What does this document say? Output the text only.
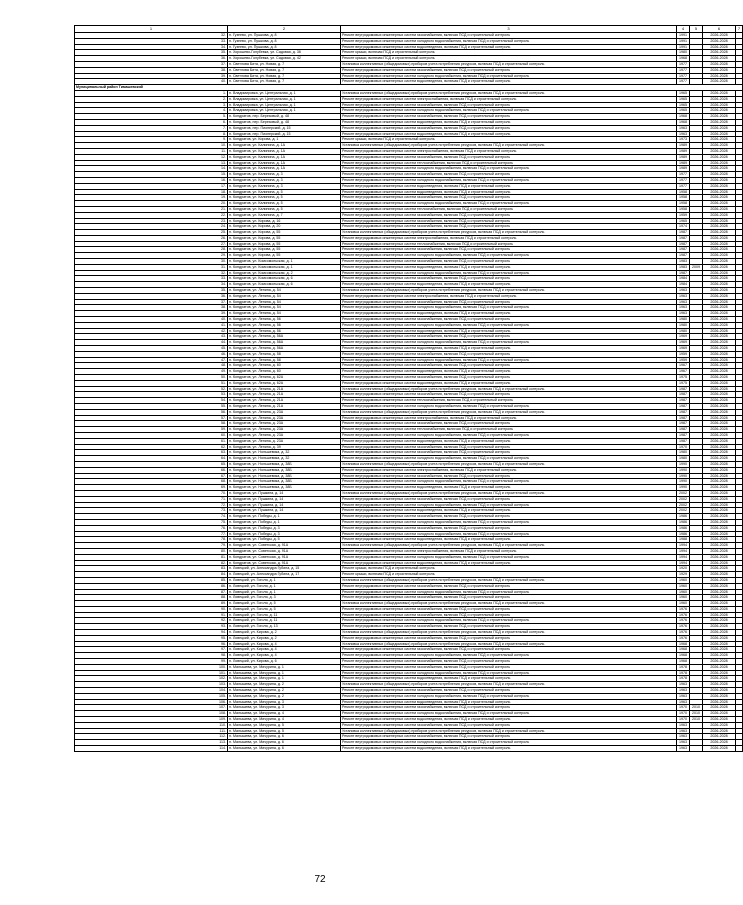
1	2	3	4	5	6	7
32.	п. Гузеево, ул. Пушкова, д. 8	Ремонт внутридомовых инженерных систем газоснабжения, включая ПСД и строительный контроль	1991		2026-2028	
33.	п. Гузеево, ул. Пушкова, д. 8	Ремонт внутридомовых инженерных систем холодного водоснабжения, включая ПСД и строительный контроль	1991		2026-2028	
34.	п. Гузеево, ул. Пушкова, д. 8	Ремонт внутридомовых инженерных систем водоотведения, включая ПСД и строительный контроль	1991		2026-2028	
35.	п. Хорошево-Голубевка, ул. Садовая, д. 36	Ремонт крыши, включая ПСД и строительный контроль	1980		2026-2028	
36.	п. Хорошево-Голубевка, ул. Садовая, д. 42	Ремонт крыши, включая ПСД и строительный контроль	1968		2026-2028	
37.	п. Светлова Бита, ул. Новая, д. 7	Установка коллективных (общедомовых) приборов учета потребления ресурсов, включая ПСД и строительный контроль	1977		2026-2028	
38.	п. Светлова Бита, ул. Новая, д. 7	Ремонт внутридомовых инженерных систем газоснабжения, включая ПСД и строительный контроль	1977		2026-2028	
39.	п. Светлова Бита, ул. Новая, д. 7	Ремонт внутридомовых инженерных систем холодного водоснабжения, включая ПСД и строительный контроль	1977		2026-2028	
40.	п. Светлова Бита, ул. Новая, д. 7	Ремонт внутридомовых инженерных систем водоотведения, включая ПСД и строительный контроль	1977		2026-2028	
Муниципальный район Тимашевский						
1.	п. Владимировка, ул. Центральная, д. 1	Установка коллективных (общедомовых) приборов учета потребления ресурсов, включая ПСД и строительный контроль	1965		2026-2028	
2.	п. Владимировка, ул. Центральная, д. 1	Ремонт внутридомовых инженерных систем электроснабжения, включая ПСД и строительный контроль	1965		2026-2028	
3.	п. Владимировка, ул. Центральная, д. 1	Ремонт внутридомовых инженерных систем газоснабжения, включая ПСД и строительный контроль	1965		2026-2028	
4.	п. Владимировка, ул. Центральная, д. 1	Ремонт внутридомовых инженерных систем холодного водоснабжения, включая ПСД и строительный контроль	1965		2026-2028	
5.	п. Кондратов, пер. Березовый, д. 48	Ремонт внутридомовых инженерных систем газоснабжения, включая ПСД и строительный контроль	1968		2026-2028	
6.	п. Кондратов, пер. Березовый, д. 48	Ремонт внутридомовых инженерных систем водоотведения, включая ПСД и строительный контроль	1968		2026-2028	
7.	п. Кондратов, пер. Пионерский, д. 15	Ремонт внутридомовых инженерных систем газоснабжения, включая ПСД и строительный контроль	1963		2026-2028	
8.	п. Кондратов, пер. Пионерский, д. 15	Ремонт внутридомовых инженерных систем водоотведения, включая ПСД и строительный контроль	1963		2026-2028	
9.	п. Кондратов, ул. Кирова, д. 1	Ремонт крыши, включая ПСД и строительный контроль	1973		2026-2028	
10.	п. Кондратов, ул. Калинина, д. 1А	Установка коллективных (общедомовых) приборов учета потребления ресурсов, включая ПСД и строительный контроль	1989		2026-2028	
11.	п. Кондратов, ул. Калинина, д. 1А	Ремонт внутридомовых инженерных систем электроснабжения, включая ПСД и строительный контроль	1989		2026-2028	
12.	п. Кондратов, ул. Калинина, д. 1А	Ремонт внутридомовых инженерных систем газоснабжения, включая ПСД и строительный контроль	1989		2026-2028	
13.	п. Кондратов, ул. Калинина, д. 1А	Ремонт внутридомовых инженерных систем теплоснабжения, включая ПСД и строительный контроль	1989		2026-2028	
14.	п. Кондратов, ул. Калинина, д. 1А	Ремонт внутридомовых инженерных систем холодного водоснабжения, включая ПСД и строительный контроль	1989		2026-2028	
15.	п. Кондратов, ул. Калинина, д. 3	Ремонт внутридомовых инженерных систем газоснабжения, включая ПСД и строительный контроль	1977		2026-2028	
16.	п. Кондратов, ул. Калинина, д. 3	Ремонт внутридомовых инженерных систем холодного водоснабжения, включая ПСД и строительный контроль	1977		2026-2028	
17.	п. Кондратов, ул. Калинина, д. 3	Ремонт внутридомовых инженерных систем водоотведения, включая ПСД и строительный контроль	1977		2026-2028	
18.	п. Кондратов, ул. Калинина, д. 5	Ремонт внутридомовых инженерных систем водоотведения, включая ПСД и строительный контроль	1958		2026-2028	
19.	п. Кондратов, ул. Калинина, д. 5	Ремонт внутридомовых инженерных систем газоснабжения, включая ПСД и строительный контроль	1958		2026-2028	
20.	п. Кондратов, ул. Калинина, д. 5	Ремонт внутридомовых инженерных систем холодного водоснабжения, включая ПСД и строительный контроль	1958		2026-2028	
21.	п. Кондратов, ул. Калинина, д. 5	Ремонт внутридомовых инженерных систем теплоснабжения, включая ПСД и строительный контроль	1958		2026-2028	
22.	п. Кондратов, ул. Калинина, д. 7	Ремонт внутридомовых инженерных систем газоснабжения, включая ПСД и строительный контроль	1959		2026-2028	
23.	п. Кондратов, ул. Кирова, д. 16	Ремонт внутридомовых инженерных систем газоснабжения, включая ПСД и строительный контроль	1965		2026-2028	
24.	п. Кондратов, ул. Кирова, д. 20	Ремонт внутридомовых инженерных систем газоснабжения, включая ПСД и строительный контроль	1974		2026-2028	
25.	п. Кондратов, ул. Кирова, д. 55	Установка коллективных (общедомовых) приборов учета потребления ресурсов, включая ПСД и строительный контроль	1987		2026-2028	
26.	п. Кондратов, ул. Кирова, д. 55	Ремонт внутридомовых инженерных систем электроснабжения, включая ПСД и строительный контроль	1987		2026-2028	
27.	п. Кондратов, ул. Кирова, д. 55	Ремонт внутридомовых инженерных систем теплоснабжения, включая ПСД и строительный контроль	1987		2026-2028	
28.	п. Кондратов, ул. Кирова, д. 55	Ремонт внутридомовых инженерных систем газоснабжения, включая ПСД и строительный контроль	1987		2026-2028	
29.	п. Кондратов, ул. Кирова, д. 55	Ремонт внутридомовых инженерных систем холодного водоснабжения, включая ПСД и строительный контроль	1987		2026-2028	
30.	п. Кондратов, ул. Комсомольская, д. 1	Ремонт внутридомовых инженерных систем газоснабжения, включая ПСД и строительный контроль	1983		2026-2028	
31.	п. Кондратов, ул. Комсомольская, д. 1	Ремонт внутридомовых инженерных систем водоотведения, включая ПСД и строительный контроль	1983	2009	2026-2028	
32.	п. Кондратов, ул. Комсомольская, д. 2	Ремонт внутридомовых инженерных систем холодного водоснабжения, включая ПСД и строительный контроль	1987		2026-2028	
33.	п. Кондратов, ул. Комсомольская, д. 6	Ремонт внутридомовых инженерных систем газоснабжения, включая ПСД и строительный контроль	1984		2026-2028	
34.	п. Кондратов, ул. Комсомольская, д. 6	Ремонт внутридомовых инженерных систем водоотведения, включая ПСД и строительный контроль	1984		2026-2028	
35.	п. Кондратов, ул. Ленина, д. 54	Установка коллективных (общедомовых) приборов учета потребления ресурсов, включая ПСД и строительный контроль	1963		2026-2028	
36.	п. Кондратов, ул. Ленина, д. 54	Ремонт внутридомовых инженерных систем электроснабжения, включая ПСД и строительный контроль	1963		2026-2028	
37.	п. Кондратов, ул. Ленина, д. 54	Ремонт внутридомовых инженерных систем газоснабжения, включая ПСД и строительный контроль	1963		2026-2028	
38.	п. Кондратов, ул. Ленина, д. 54	Ремонт внутридомовых инженерных систем холодного водоснабжения, включая ПСД и строительный контроль	1963		2026-2028	
39.	п. Кондратов, ул. Ленина, д. 54	Ремонт внутридомовых инженерных систем водоотведения, включая ПСД и строительный контроль	1963		2026-2028	
40.	п. Кондратов, ул. Ленина, д. 56	Ремонт внутридомовых инженерных систем газоснабжения, включая ПСД и строительный контроль	1980		2026-2028	
41.	п. Кондратов, ул. Ленина, д. 56	Ремонт внутридомовых инженерных систем холодного водоснабжения, включая ПСД и строительный контроль	1980		2026-2028	
42.	п. Кондратов, ул. Ленина, д. 56	Ремонт внутридомовых инженерных систем водоотведения, включая ПСД и строительный контроль	1980		2026-2028	
43.	п. Кондратов, ул. Ленина, д. 56А	Ремонт внутридомовых инженерных систем газоснабжения, включая ПСД и строительный контроль	1969		2026-2028	
44.	п. Кондратов, ул. Ленина, д. 56А	Ремонт внутридомовых инженерных систем холодного водоснабжения, включая ПСД и строительный контроль	1969		2026-2028	
45.	п. Кондратов, ул. Ленина, д. 56А	Ремонт внутридомовых инженерных систем водоотведения, включая ПСД и строительный контроль	1969		2026-2028	
46.	п. Кондратов, ул. Ленина, д. 58	Ремонт внутридомовых инженерных систем газоснабжения, включая ПСД и строительный контроль	1959		2026-2028	
47.	п. Кондратов, ул. Ленина, д. 58	Ремонт внутридомовых инженерных систем холодного водоснабжения, включая ПСД и строительный контроль	1959		2026-2028	
48.	п. Кондратов, ул. Ленина, д. 60	Ремонт внутридомовых инженерных систем газоснабжения, включая ПСД и строительный контроль	1967		2026-2028	
49.	п. Кондратов, ул. Ленина, д. 60	Ремонт внутридомовых инженерных систем водоотведения, включая ПСД и строительный контроль	1967		2026-2028	
50.	п. Кондратов, ул. Ленина, д. 62А	Ремонт внутридомовых инженерных систем газоснабжения, включая ПСД и строительный контроль	1975		2026-2028	
51.	п. Кондратов, ул. Ленина, д. 62А	Ремонт внутридомовых инженерных систем водоотведения, включая ПСД и строительный контроль	1975		2026-2028	
52.	п. Кондратов, ул. Ленина, д. 21А	Установка коллективных (общедомовых) приборов учета потребления ресурсов, включая ПСД и строительный контроль	1987		2026-2028	
53.	п. Кондратов, ул. Ленина, д. 21А	Ремонт внутридомовых инженерных систем газоснабжения, включая ПСД и строительный контроль	1987		2026-2028	
54.	п. Кондратов, ул. Ленина, д. 21А	Ремонт внутридомовых инженерных систем теплоснабжения, включая ПСД и строительный контроль	1987		2026-2028	
55.	п. Кондратов, ул. Ленина, д. 21А	Ремонт внутридомовых инженерных систем холодного водоснабжения, включая ПСД и строительный контроль	1987		2026-2028	
56.	п. Кондратов, ул. Ленина, д. 23А	Установка коллективных (общедомовых) приборов учета потребления ресурсов, включая ПСД и строительный контроль	1987		2026-2028	
57.	п. Кондратов, ул. Ленина, д. 23А	Ремонт внутридомовых инженерных систем электроснабжения, включая ПСД и строительный контроль	1987		2026-2028	
58.	п. Кондратов, ул. Ленина, д. 23А	Ремонт внутридомовых инженерных систем газоснабжения, включая ПСД и строительный контроль	1987		2026-2028	
59.	п. Кондратов, ул. Ленина, д. 23А	Ремонт внутридомовых инженерных систем теплоснабжения, включая ПСД и строительный контроль	1987		2026-2028	
60.	п. Кондратов, ул. Ленина, д. 23А	Ремонт внутридомовых инженерных систем холодного водоснабжения, включая ПСД и строительный контроль	1987		2026-2028	
61.	п. Кондратов, ул. Ленина, д. 23А	Ремонт внутридомовых инженерных систем водоотведения, включая ПСД и строительный контроль	1987		2026-2028	
62.	п. Кондратов, ул. Ленина, д. 39	Ремонт внутридомовых инженерных систем газоснабжения, включая ПСД и строительный контроль	1970		2026-2028	
63.	п. Кондратов, ул. Нольшевика, д. 32	Ремонт внутридомовых инженерных систем газоснабжения, включая ПСД и строительный контроль	1980		2026-2028	
64.	п. Кондратов, ул. Нольшевика, д. 32	Ремонт внутридомовых инженерных систем холодного водоснабжения, включая ПСД и строительный контроль	1980		2026-2028	
65.	п. Кондратов, ул. Нольшевика, д. 38Б	Установка коллективных (общедомовых) приборов учета потребления ресурсов, включая ПСД и строительный контроль	1990		2026-2028	
66.	п. Кондратов, ул. Нольшевика, д. 38Б	Ремонт внутридомовых инженерных систем электроснабжения, включая ПСД и строительный контроль	1990		2026-2028	
67.	п. Кондратов, ул. Нольшевика, д. 38Б	Ремонт внутридомовых инженерных систем газоснабжения, включая ПСД и строительный контроль	1990		2026-2028	
68.	п. Кондратов, ул. Нольшевика, д. 38Б	Ремонт внутридомовых инженерных систем холодного водоснабжения, включая ПСД и строительный контроль	1990		2026-2028	
69.	п. Кондратов, ул. Нольшевика, д. 38Б	Ремонт внутридомовых инженерных систем водоотведения, включая ПСД и строительный контроль	1990		2026-2028	
70.	п. Кондратов, ул. Пушкина, д. 14	Установка коллективных (общедомовых) приборов учета потребления ресурсов, включая ПСД и строительный контроль	2002		2026-2028	
71.	п. Кондратов, ул. Пушкина, д. 14	Ремонт внутридомовых инженерных систем газоснабжения, включая ПСД и строительный контроль	2002		2026-2028	
72.	п. Кондратов, ул. Пушкина, д. 14	Ремонт внутридомовых инженерных систем холодного водоснабжения, включая ПСД и строительный контроль	2002		2026-2028	
73.	п. Кондратов, ул. Пушкина, д. 14	Ремонт внутридомовых инженерных систем водоотведения, включая ПСД и строительный контроль	2002		2026-2028	
74.	п. Кондратов, ул. Победы, д. 1	Ремонт внутридомовых инженерных систем газоснабжения, включая ПСД и строительный контроль	1986		2026-2028	
75.	п. Кондратов, ул. Победы, д. 1	Ремонт внутридомовых инженерных систем холодного водоснабжения, включая ПСД и строительный контроль	1986		2026-2028	
76.	п. Кондратов, ул. Победы, д. 3	Ремонт внутридомовых инженерных систем газоснабжения, включая ПСД и строительный контроль	1986		2026-2028	
77.	п. Кондратов, ул. Победы, д. 3	Ремонт внутридомовых инженерных систем холодного водоснабжения, включая ПСД и строительный контроль	1986		2026-2028	
78.	п. Кондратов, ул. Победы, д. 5	Ремонт внутридомовых инженерных систем водоотведения, включая ПСД и строительный контроль	1988		2026-2028	
79.	п. Кондратов, ул. Советская, д. 91А	Установка коллективных (общедомовых) приборов учета потребления ресурсов, включая ПСД и строительный контроль	1994		2026-2028	
80.	п. Кондратов, ул. Советская, д. 91А	Ремонт внутридомовых инженерных систем электроснабжения, включая ПСД и строительный контроль	1994		2026-2028	
81.	п. Кондратов, ул. Советская, д. 91А	Ремонт внутридомовых инженерных систем холодного водоснабжения, включая ПСД и строительный контроль	1994		2026-2028	
82.	п. Кондратов, ул. Советская, д. 91А	Ремонт внутридомовых инженерных систем водоотведения, включая ПСД и строительный контроль	1994		2026-2028	
83.	п. Ловецкий, ул. Александра Губина, д. 15	Ремонт крыши, включая ПСД и строительный контроль	1920		2026-2028	
84.	п. Ловецкий, ул. Александра Губина, д. 17	Ремонт крыши, включая ПСД и строительный контроль	1929		2026-2028	
85.	п. Ловецкий, ул. Гоголя, д. 1	Установка коллективных (общедомовых) приборов учета потребления ресурсов, включая ПСД и строительный контроль	1960		2026-2028	
86.	п. Ловецкий, ул. Гоголя, д. 1	Ремонт внутридомовых инженерных систем газоснабжения, включая ПСД и строительный контроль	1960		2026-2028	
87.	п. Ловецкий, ул. Гоголя, д. 1	Ремонт внутридомовых инженерных систем холодного водоснабжения, включая ПСД и строительный контроль	1960		2026-2028	
88.	п. Ловецкий, ул. Гоголя, д. 3	Ремонт внутридомовых инженерных систем газоснабжения, включая ПСД и строительный контроль	1960		2026-2028	
89.	п. Ловецкий, ул. Гоголя, д. 5	Установка коллективных (общедомовых) приборов учета потребления ресурсов, включая ПСД и строительный контроль	1960		2026-2028	
90.	п. Ловецкий, ул. Гоголя, д. 5	Ремонт внутридомовых инженерных систем газоснабжения, включая ПСД и строительный контроль	1976		2026-2028	
91.	п. Ловецкий, ул. Гоголя, д. 11	Ремонт внутридомовых инженерных систем газоснабжения, включая ПСД и строительный контроль	1976		2026-2028	
92.	п. Ловецкий, ул. Гоголя, д. 11	Ремонт внутридомовых инженерных систем холодного водоснабжения, включая ПСД и строительный контроль	1976		2026-2028	
93.	п. Ловецкий, ул. Гоголя, д. 13	Ремонт внутридомовых инженерных систем газоснабжения, включая ПСД и строительный контроль	1976		2026-2028	
94.	п. Ловецкий, ул. Кирова, д. 2	Установка коллективных (общедомовых) приборов учета потребления ресурсов, включая ПСД и строительный контроль	1976		2026-2028	
95.	п. Ловецкий, ул. Кирова, д. 2	Ремонт внутридомовых инженерных систем газоснабжения, включая ПСД и строительный контроль	1976		2026-2028	
96.	п. Ловецкий, ул. Кирова, д. 4	Установка коллективных (общедомовых) приборов учета потребления ресурсов, включая ПСД и строительный контроль	1968		2026-2028	
97.	п. Ловецкий, ул. Кирова, д. 4	Ремонт внутридомовых инженерных систем газоснабжения, включая ПСД и строительный контроль	1968		2026-2028	
98.	п. Ловецкий, ул. Кирова, д. 4	Ремонт внутридомовых инженерных систем холодного водоснабжения, включая ПСД и строительный контроль	1968		2026-2028	
99.	п. Ловецкий, ул. Кирова, д. 6	Ремонт внутридомовых инженерных систем газоснабжения, включая ПСД и строительный контроль	1968		2026-2028	
100.	п. Малышева, ул. Мичурина, д. 1	Ремонт внутридомовых инженерных систем газоснабжения, включая ПСД и строительный контроль	1978		2026-2028	
101.	п. Малышева, ул. Мичурина, д. 1	Ремонт внутридомовых инженерных систем холодного водоснабжения, включая ПСД и строительный контроль	1978		2026-2028	
102.	п. Малышева, ул. Мичурина, д. 1	Ремонт внутридомовых инженерных систем водоотведения, включая ПСД и строительный контроль	1978		2026-2028	
103.	п. Малышева, ул. Мичурина, д. 2	Установка коллективных (общедомовых) приборов учета потребления ресурсов, включая ПСД и строительный контроль	1963		2026-2028	
104.	п. Малышева, ул. Мичурина, д. 2	Ремонт внутридомовых инженерных систем газоснабжения, включая ПСД и строительный контроль	1963		2026-2028	
105.	п. Малышева, ул. Мичурина, д. 2	Ремонт внутридомовых инженерных систем холодного водоснабжения, включая ПСД и строительный контроль	1963		2026-2028	
106.	п. Малышева, ул. Мичурина, д. 3	Ремонт внутридомовых инженерных систем водоотведения, включая ПСД и строительный контроль	1963		2026-2028	
107.	п. Малышева, ул. Мичурина, д. 3	Ремонт внутридомовых инженерных систем газоснабжения, включая ПСД и строительный контроль	1970	2010	2026-2028	
108.	п. Малышева, ул. Мичурина, д. 4	Ремонт внутридомовых инженерных систем холодного водоснабжения, включая ПСД и строительный контроль	1970	2010	2026-2028	
109.	п. Малышева, ул. Мичурина, д. 4	Ремонт внутридомовых инженерных систем водоотведения, включая ПСД и строительный контроль	1970	2010	2026-2028	
110.	п. Малышева, ул. Мичурина, д. 5	Ремонт внутридомовых инженерных систем газоснабжения, включая ПСД и строительный контроль	1963		2026-2028	
111.	п. Малышева, ул. Мичурина, д. 5	Установка коллективных (общедомовых) приборов учета потребления ресурсов, включая ПСД и строительный контроль	1963		2026-2028	
112.	п. Малышева, ул. Мичурина, д. 6	Ремонт внутридомовых инженерных систем газоснабжения, включая ПСД и строительный контроль	1963		2026-2028	
113.	п. Малышева, ул. Мичурина, д. 6	Ремонт внутридомовых инженерных систем холодного водоснабжения, включая ПСД и строительный контроль	1963		2026-2028	
114.	п. Малышева, ул. Мичурина, д. 6	Ремонт внутридомовых инженерных систем водоотведения, включая ПСД и строительный контроль	1963		2026-2028	
72
